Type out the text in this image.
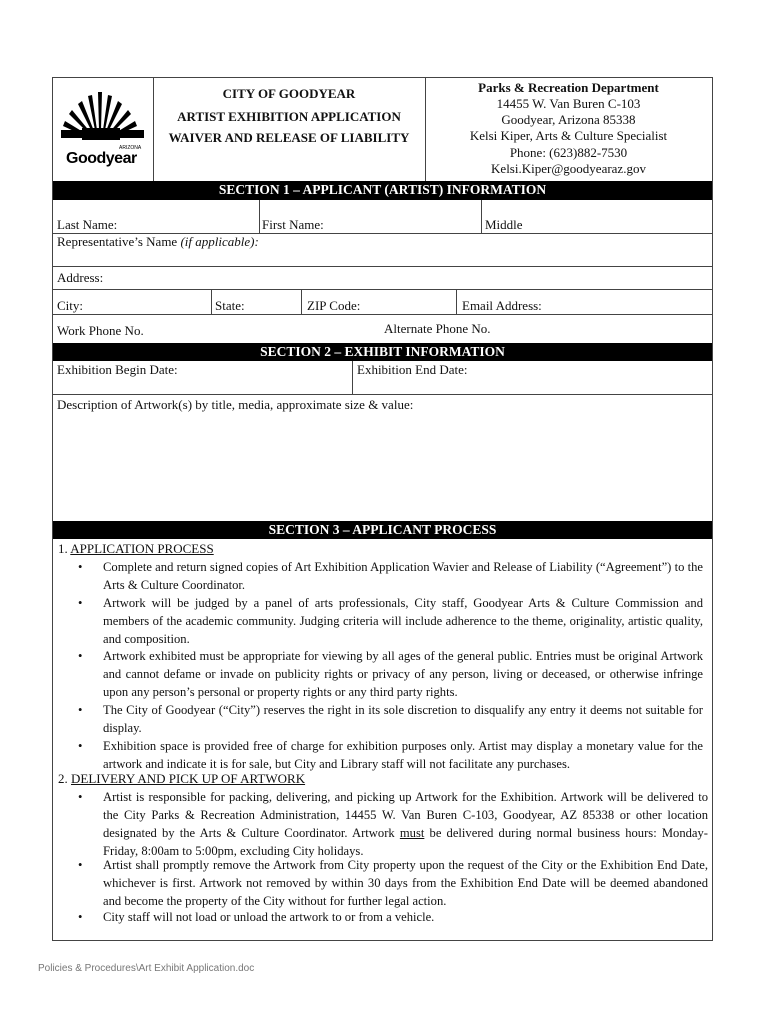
ARIZONA
Goodyear
CITY OF GOODYEAR
ARTIST EXHIBITION APPLICATION
WAIVER AND RELEASE OF LIABILITY
Parks & Recreation Department
14455 W. Van Buren C-103
Goodyear, Arizona 85338
Kelsi Kiper, Arts & Culture Specialist
Phone: (623)882-7530
Kelsi.Kiper@goodyearaz.gov
SECTION 1 – APPLICANT (ARTIST) INFORMATION
Last Name:	First Name:	Middle
Representative’s Name (if applicable):
Address:
City:	State:	ZIP Code:	Email Address:
Work Phone No.	Alternate Phone No.
SECTION 2 – EXHIBIT INFORMATION
Exhibition Begin Date:	Exhibition End Date:
Description of Artwork(s) by title, media, approximate size & value:
SECTION 3 – APPLICANT PROCESS
1. APPLICATION PROCESS
• Complete and return signed copies of Art Exhibition Application Wavier and Release of Liability (“Agreement”) to the Arts & Culture Coordinator.
• Artwork will be judged by a panel of arts professionals, City staff, Goodyear Arts & Culture Commission and members of the academic community. Judging criteria will include adherence to the theme, originality, artistic quality, and composition.
• Artwork exhibited must be appropriate for viewing by all ages of the general public. Entries must be original Artwork and cannot defame or invade on publicity rights or privacy of any person, living or deceased, or otherwise infringe upon any person’s personal or property rights or any third party rights.
• The City of Goodyear (“City”) reserves the right in its sole discretion to disqualify any entry it deems not suitable for display.
• Exhibition space is provided free of charge for exhibition purposes only. Artist may display a monetary value for the artwork and indicate it is for sale, but City and Library staff will not facilitate any purchases.
2. DELIVERY AND PICK UP OF ARTWORK
• Artist is responsible for packing, delivering, and picking up Artwork for the Exhibition. Artwork will be delivered to the City Parks & Recreation Administration, 14455 W. Van Buren C-103, Goodyear, AZ 85338 or other location designated by the Arts & Culture Coordinator. Artwork must be delivered during normal business hours: Monday-Friday, 8:00am to 5:00pm, excluding City holidays.
• Artist shall promptly remove the Artwork from City property upon the request of the City or the Exhibition End Date, whichever is first. Artwork not removed by within 30 days from the Exhibition End Date will be deemed abandoned and become the property of the City without for further legal action.
• City staff will not load or unload the artwork to or from a vehicle.
Policies & Procedures\Art Exhibit Application.doc
